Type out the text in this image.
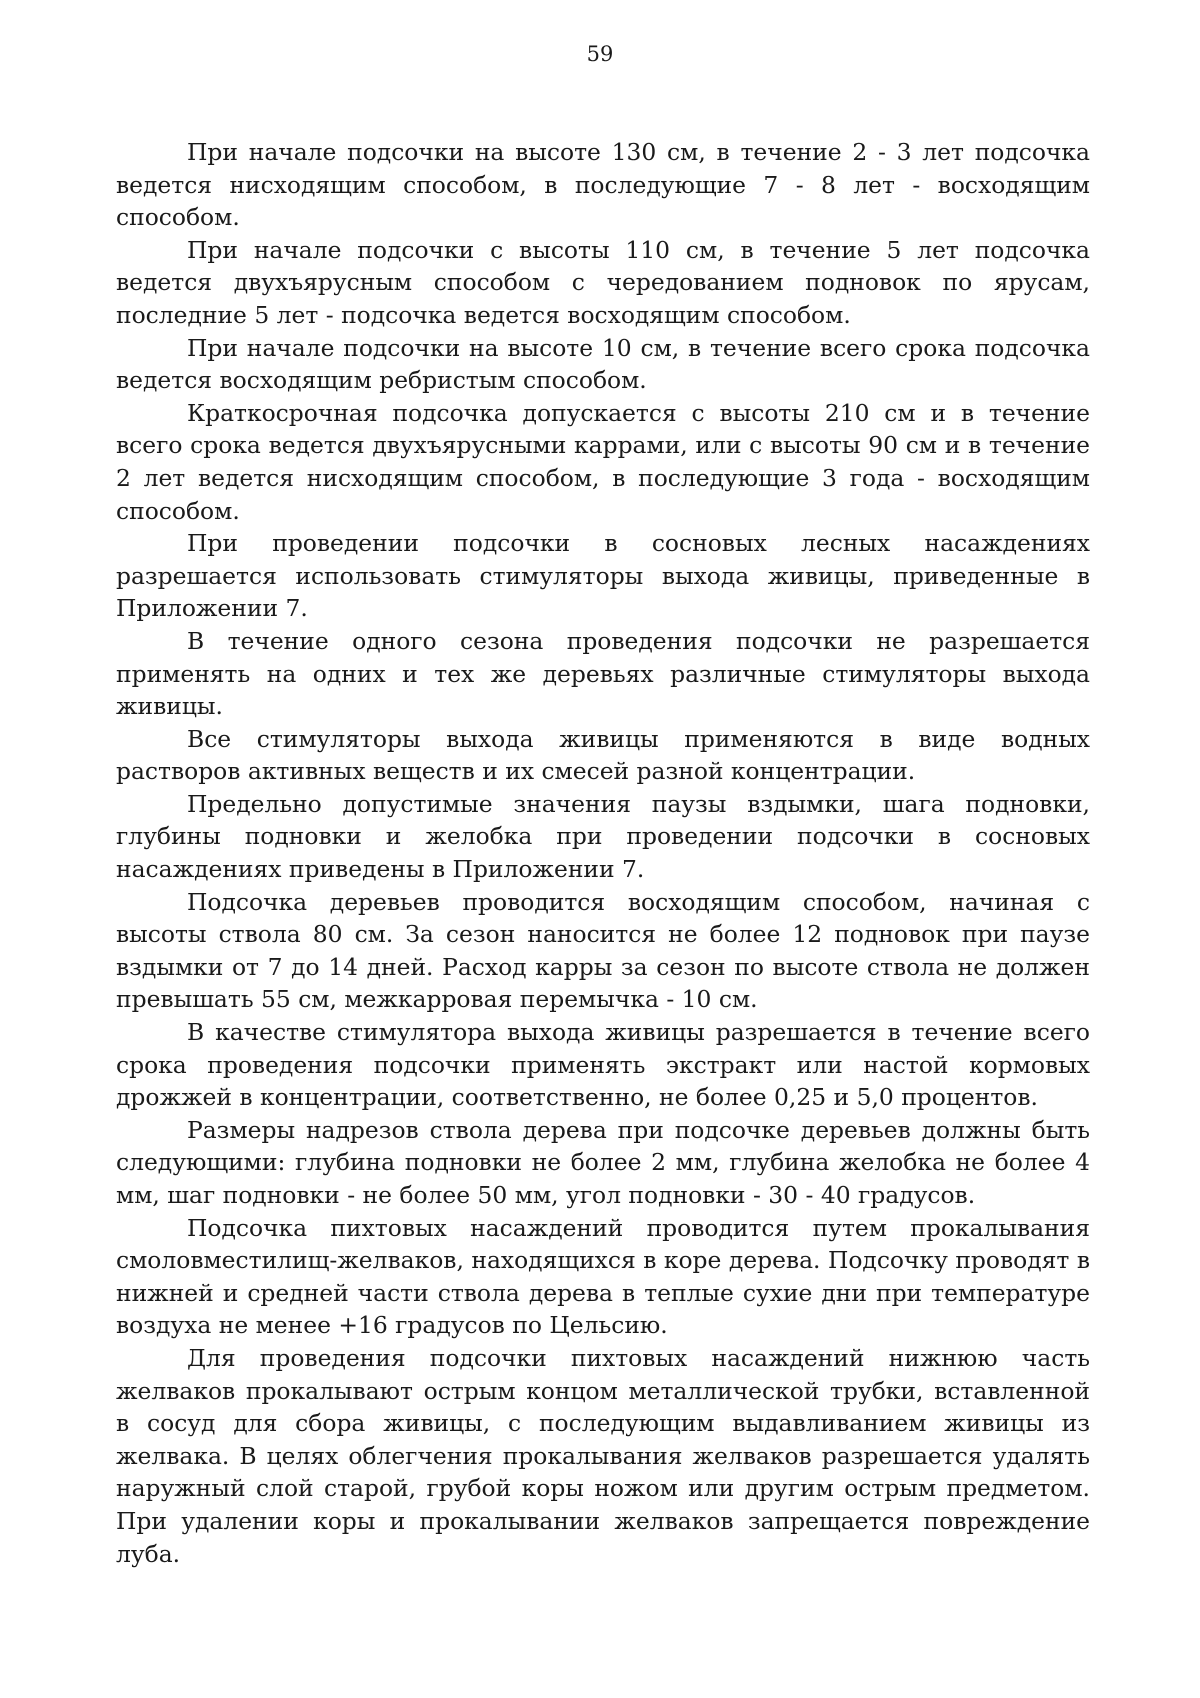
59

При начале подсочки на высоте 130 см, в течение 2 - 3 лет подсочка ведется нисходящим способом, в последующие 7 - 8 лет - восходящим способом.

При начале подсочки с высоты 110 см, в течение 5 лет подсочка ведется двухъярусным способом с чередованием подновок по ярусам, последние 5 лет - подсочка ведется восходящим способом.

При начале подсочки на высоте 10 см, в течение всего срока подсочка ведется восходящим ребристым способом.

Краткосрочная подсочка допускается с высоты 210 см и в течение всего срока ведется двухъярусными каррами, или с высоты 90 см и в течение 2 лет ведется нисходящим способом, в последующие 3 года - восходящим способом.

При проведении подсочки в сосновых лесных насаждениях разрешается использовать стимуляторы выхода живицы, приведенные в Приложении 7.

В течение одного сезона проведения подсочки не разрешается применять на одних и тех же деревьях различные стимуляторы выхода живицы.

Все стимуляторы выхода живицы применяются в виде водных растворов активных веществ и их смесей разной концентрации.

Предельно допустимые значения паузы вздымки, шага подновки, глубины подновки и желобка при проведении подсочки в сосновых насаждениях приведены в Приложении 7.

Подсочка деревьев проводится восходящим способом, начиная с высоты ствола 80 см. За сезон наносится не более 12 подновок при паузе вздымки от 7 до 14 дней. Расход карры за сезон по высоте ствола не должен превышать 55 см, межкарровая перемычка - 10 см.

В качестве стимулятора выхода живицы разрешается в течение всего срока проведения подсочки применять экстракт или настой кормовых дрожжей в концентрации, соответственно, не более 0,25 и 5,0 процентов.

Размеры надрезов ствола дерева при подсочке деревьев должны быть следующими: глубина подновки не более 2 мм, глубина желобка не более 4 мм, шаг подновки - не более 50 мм, угол подновки - 30 - 40 градусов.

Подсочка пихтовых насаждений проводится путем прокалывания смоловместилищ-желваков, находящихся в коре дерева. Подсочку проводят в нижней и средней части ствола дерева в теплые сухие дни при температуре воздуха не менее +16 градусов по Цельсию.

Для проведения подсочки пихтовых насаждений нижнюю часть желваков прокалывают острым концом металлической трубки, вставленной в сосуд для сбора живицы, с последующим выдавливанием живицы из желвака. В целях облегчения прокалывания желваков разрешается удалять наружный слой старой, грубой коры ножом или другим острым предметом. При удалении коры и прокалывании желваков запрещается повреждение луба.
